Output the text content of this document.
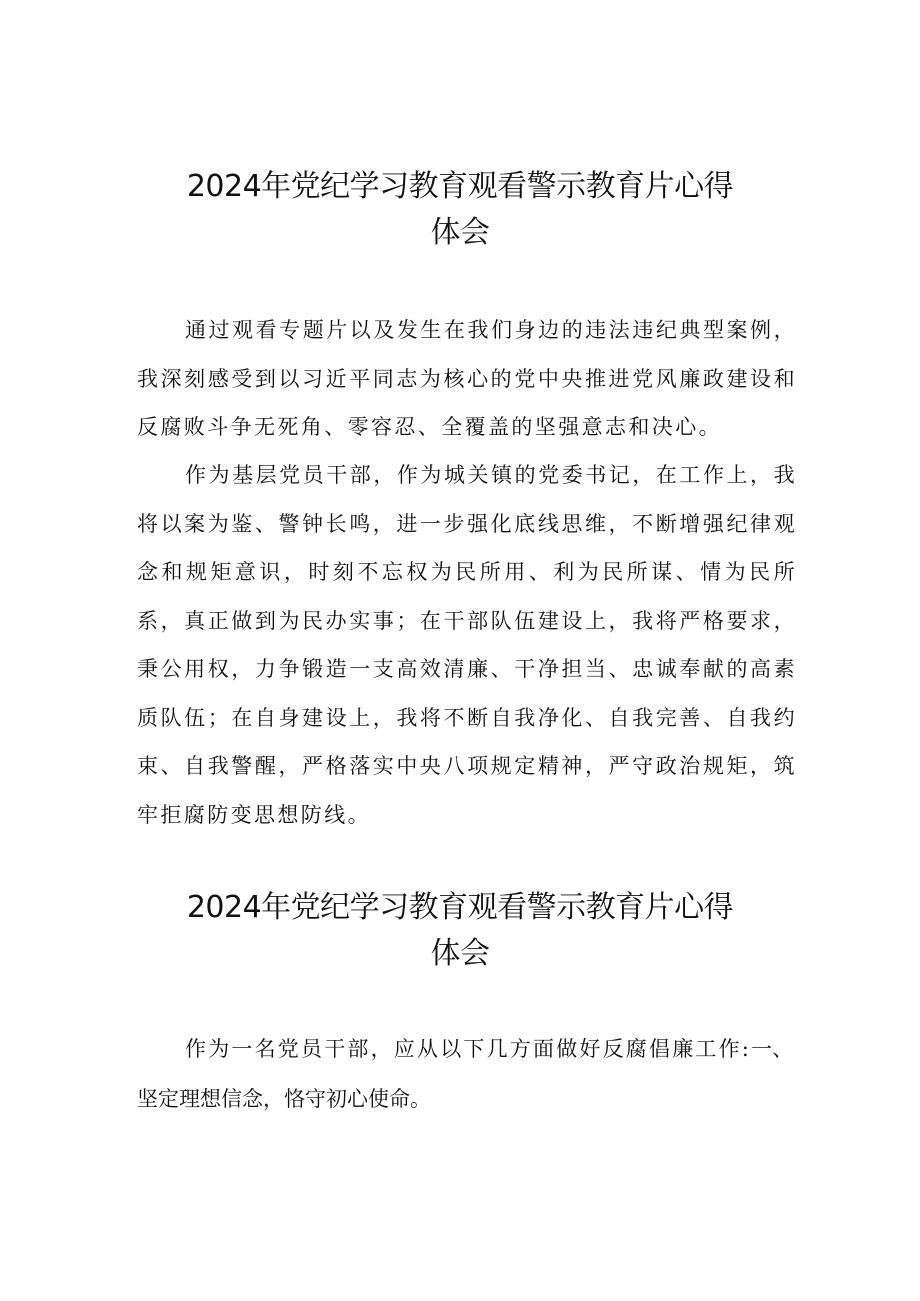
2024年党纪学习教育观看警示教育片心得
体会

通过观看专题片以及发生在我们身边的违法违纪典型案例，我深刻感受到以习近平同志为核心的党中央推进党风廉政建设和反腐败斗争无死角、零容忍、全覆盖的坚强意志和决心。

作为基层党员干部，作为城关镇的党委书记，在工作上，我将以案为鉴、警钟长鸣，进一步强化底线思维，不断增强纪律观念和规矩意识，时刻不忘权为民所用、利为民所谋、情为民所系，真正做到为民办实事；在干部队伍建设上，我将严格要求，秉公用权，力争锻造一支高效清廉、干净担当、忠诚奉献的高素质队伍；在自身建设上，我将不断自我净化、自我完善、自我约束、自我警醒，严格落实中央八项规定精神，严守政治规矩，筑牢拒腐防变思想防线。

2024年党纪学习教育观看警示教育片心得
体会

作为一名党员干部，应从以下几方面做好反腐倡廉工作:一、坚定理想信念，恪守初心使命。
